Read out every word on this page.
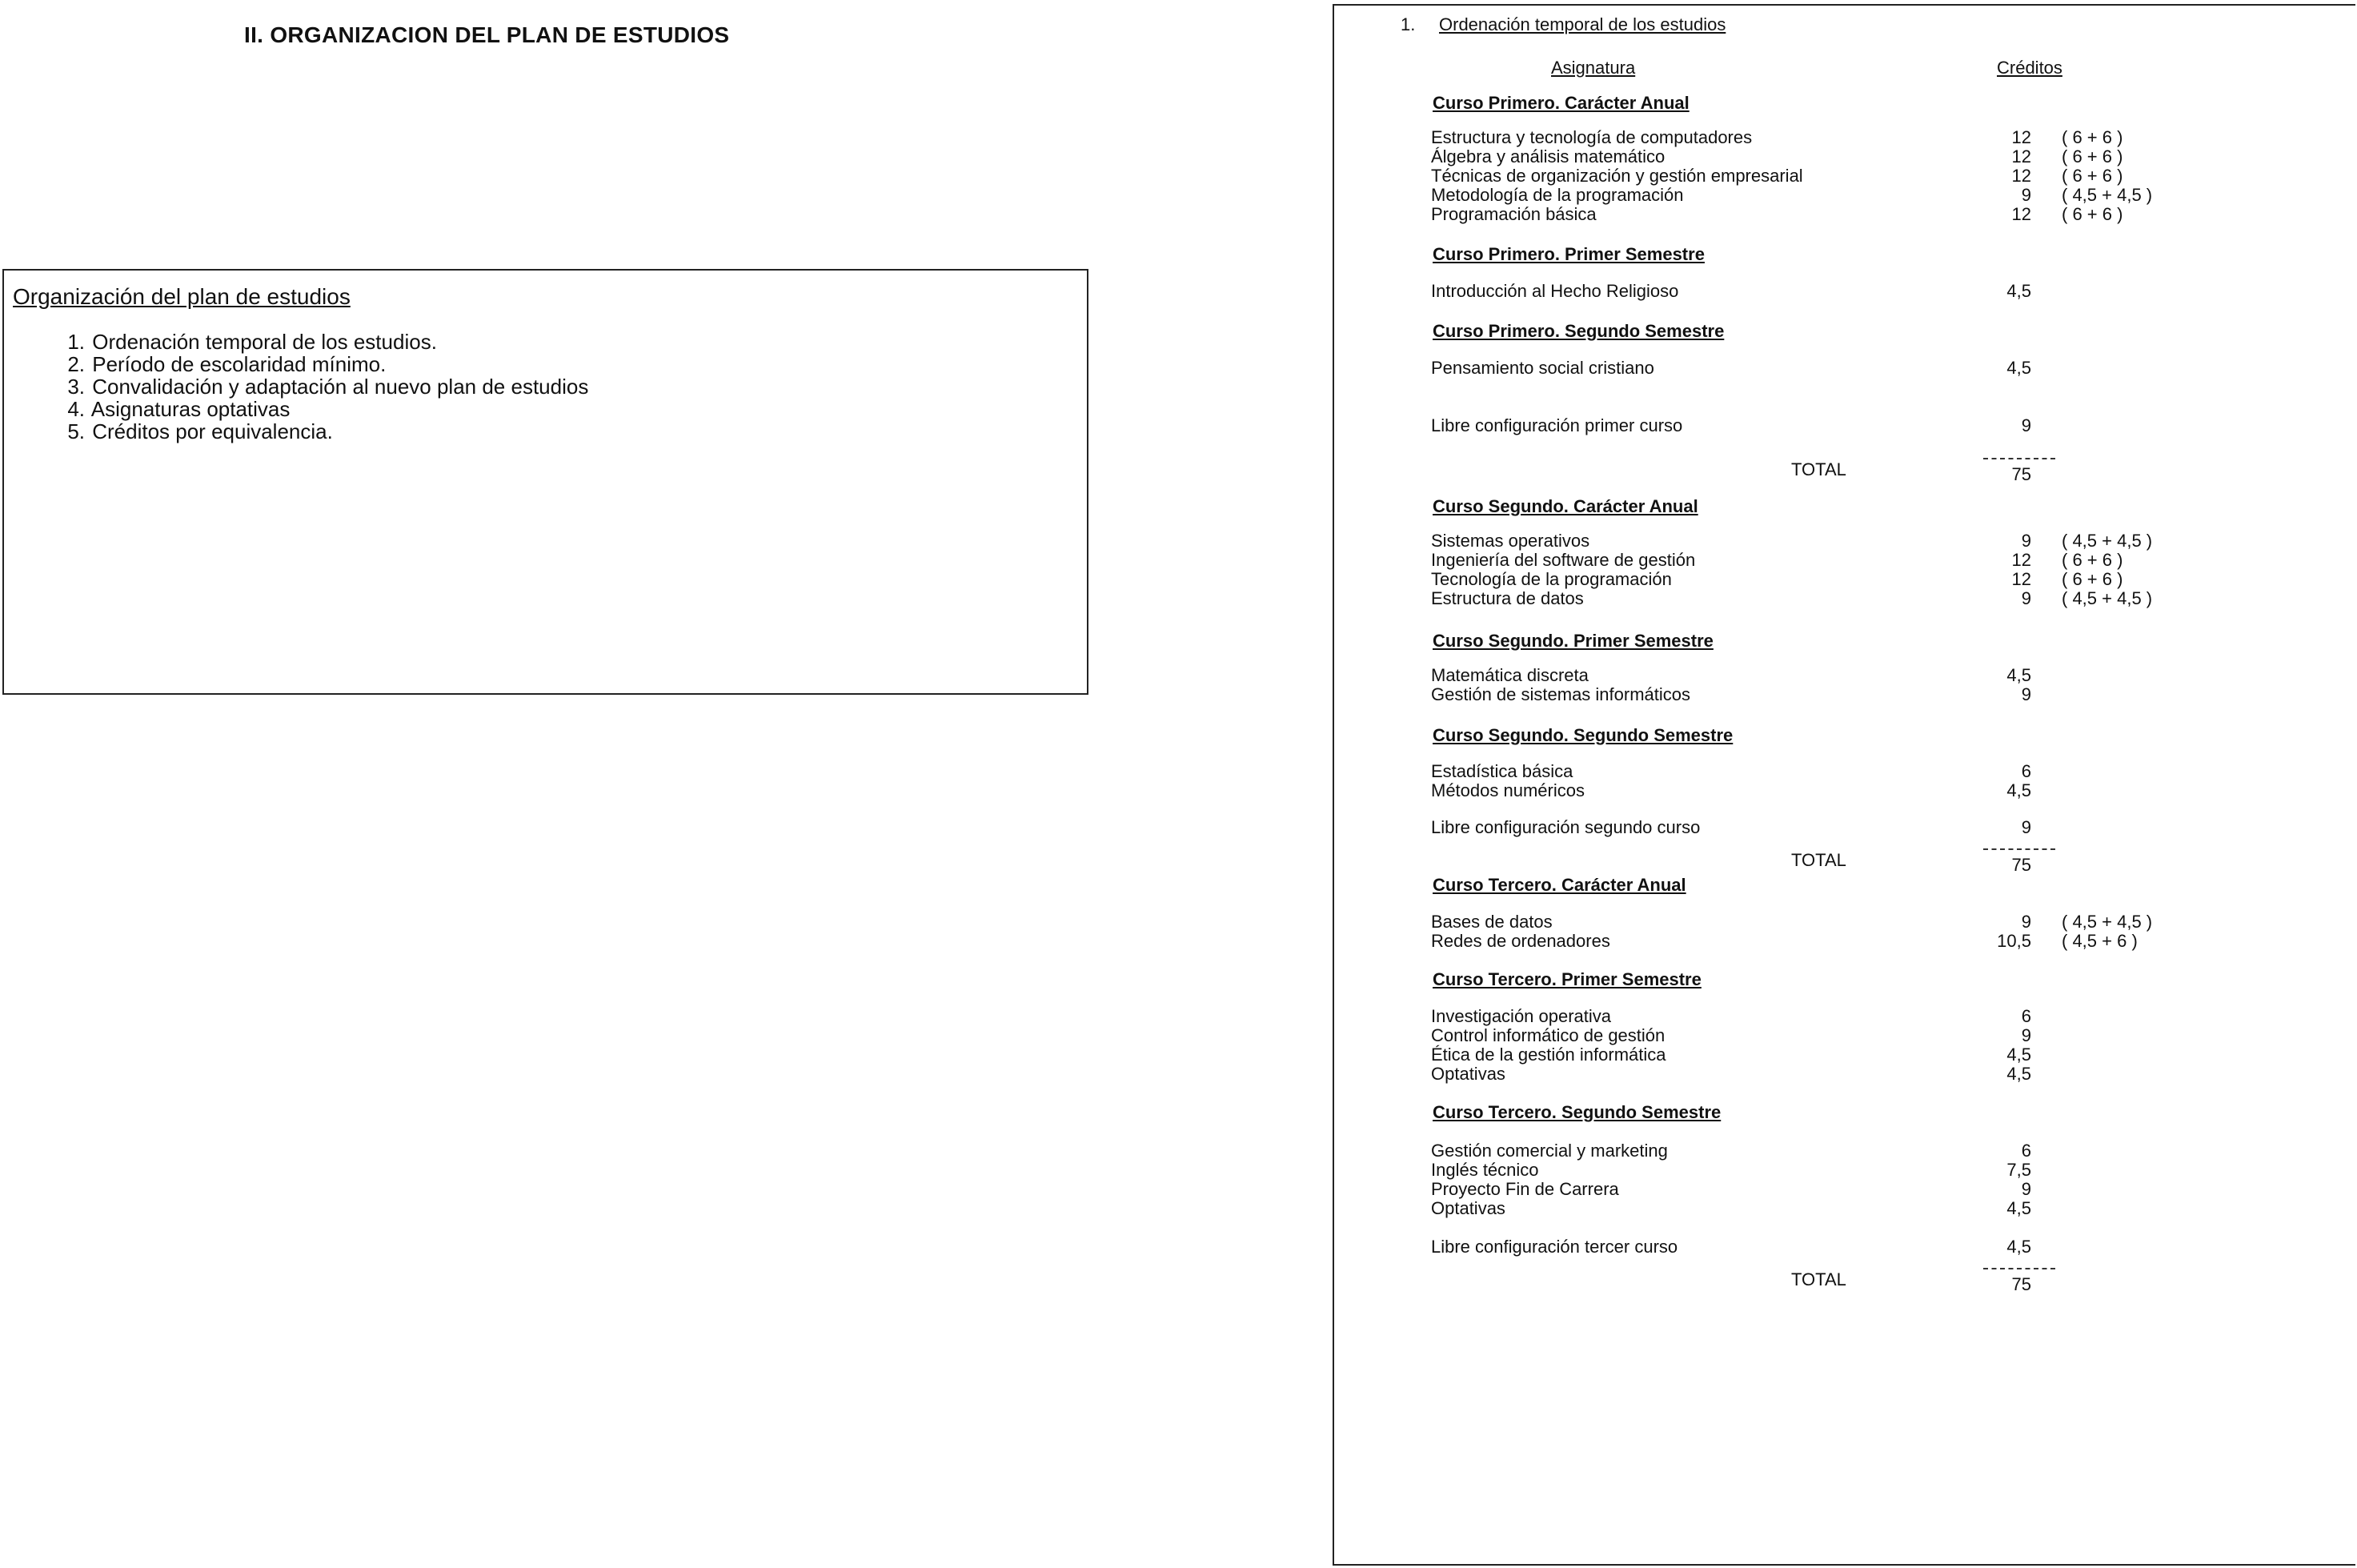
II. ORGANIZACION DEL PLAN DE ESTUDIOS
Organización del plan de estudios
1. Ordenación temporal de los estudios.
2. Período de escolaridad mínimo.
3. Convalidación y adaptación al nuevo plan de estudios
4. Asignaturas optativas
5. Créditos por equivalencia.
1. Ordenación temporal de los estudios
Asignatura	Créditos
Curso Primero. Carácter Anual
Estructura y tecnología de computadores	12 ( 6 + 6 )
Álgebra y análisis matemático	12 ( 6 + 6 )
Técnicas de organización y gestión empresarial	12 ( 6 + 6 )
Metodología de la programación	9 ( 4,5 + 4,5 )
Programación básica	12 ( 6 + 6 )
Curso Primero. Primer Semestre
Introducción al Hecho Religioso	4,5
Curso Primero. Segundo Semestre
Pensamiento social cristiano	4,5
Libre configuración primer curso	9
TOTAL	75
Curso Segundo. Carácter Anual
Sistemas operativos	9 ( 4,5 + 4,5 )
Ingeniería del software de gestión	12 ( 6 + 6 )
Tecnología de la programación	12 ( 6 + 6 )
Estructura de datos	9 ( 4,5 + 4,5 )
Curso Segundo. Primer Semestre
Matemática discreta	4,5
Gestión de sistemas informáticos	9
Curso Segundo. Segundo Semestre
Estadística básica	6
Métodos numéricos	4,5
Libre configuración segundo curso	9
TOTAL	75
Curso Tercero. Carácter Anual
Bases de datos	9 ( 4,5 + 4,5 )
Redes de ordenadores	10,5 ( 4,5 + 6 )
Curso Tercero. Primer Semestre
Investigación operativa	6
Control informático de gestión	9
Ética de la gestión informática	4,5
Optativas	4,5
Curso Tercero. Segundo Semestre
Gestión comercial y marketing	6
Inglés técnico	7,5
Proyecto Fin de Carrera	9
Optativas	4,5
Libre configuración tercer curso	4,5
TOTAL	75
